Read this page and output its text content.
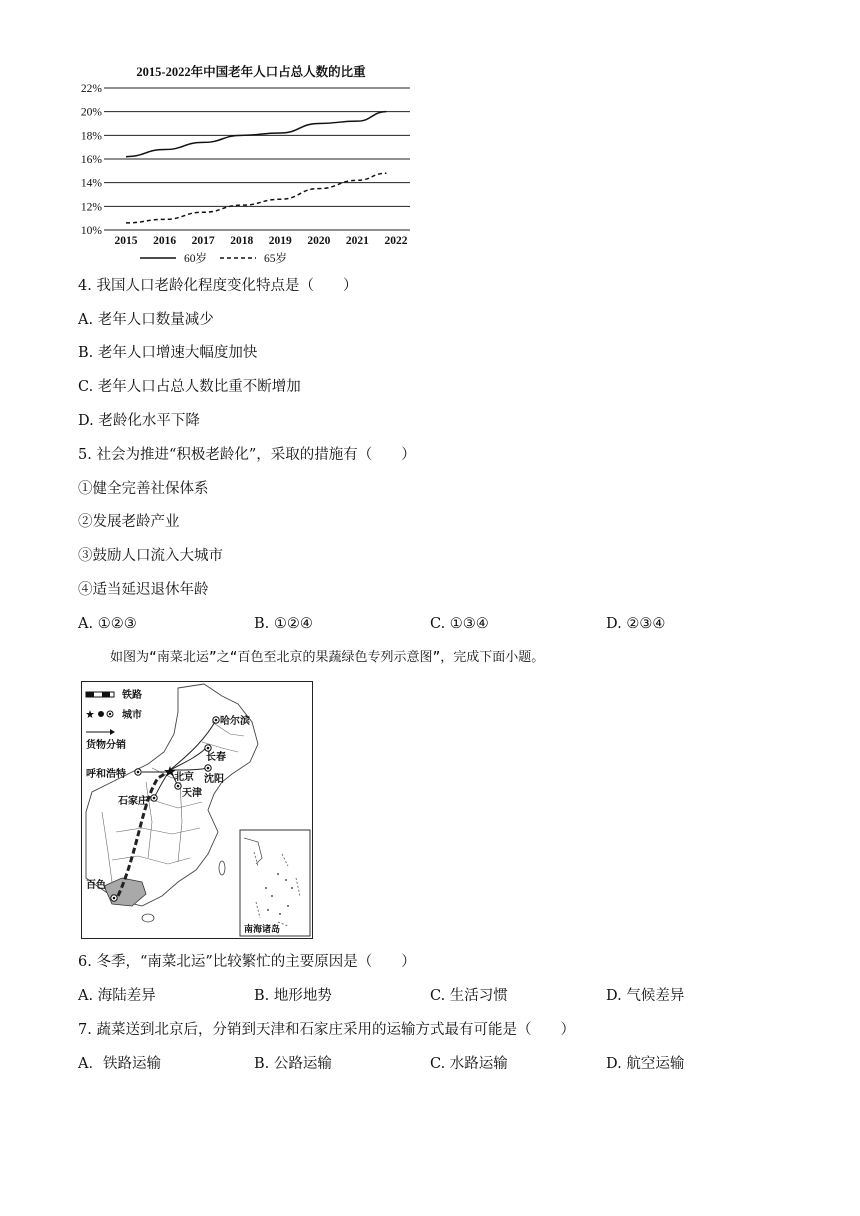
2015-2022年中国老年人口占总人数的比重
10%
12%
14%
16%
18%
20%
22%
2015 2016 2017 2018 2019 2020 2021 2022
60岁	65岁
4. 我国人口老龄化程度变化特点是（　　）
A. 老年人口数量减少
B. 老年人口增速大幅度加快
C. 老年人口占总人数比重不断增加
D. 老龄化水平下降
5. 社会为推进“积极老龄化”，采取的措施有（　　）
①健全完善社保体系
②发展老龄产业
③鼓励人口流入大城市
④适当延迟退休年龄
A. ①②③	B. ①②④	C. ①③④	D. ②③④
如图为“南菜北运”之“百色至北京的果蔬绿色专列示意图”，完成下面小题。
哈尔滨
长春
沈阳
北京
天津
呼和浩特
石家庄
百色
铁路
城市
货物分销
南海诸岛
6. 冬季，“南菜北运”比较繁忙的主要原因是（　　）
A. 海陆差异	B. 地形地势	C. 生活习惯	D. 气候差异
7. 蔬菜送到北京后，分销到天津和石家庄采用的运输方式最有可能是（　　）
A．铁路运输	B. 公路运输	C. 水路运输	D. 航空运输
